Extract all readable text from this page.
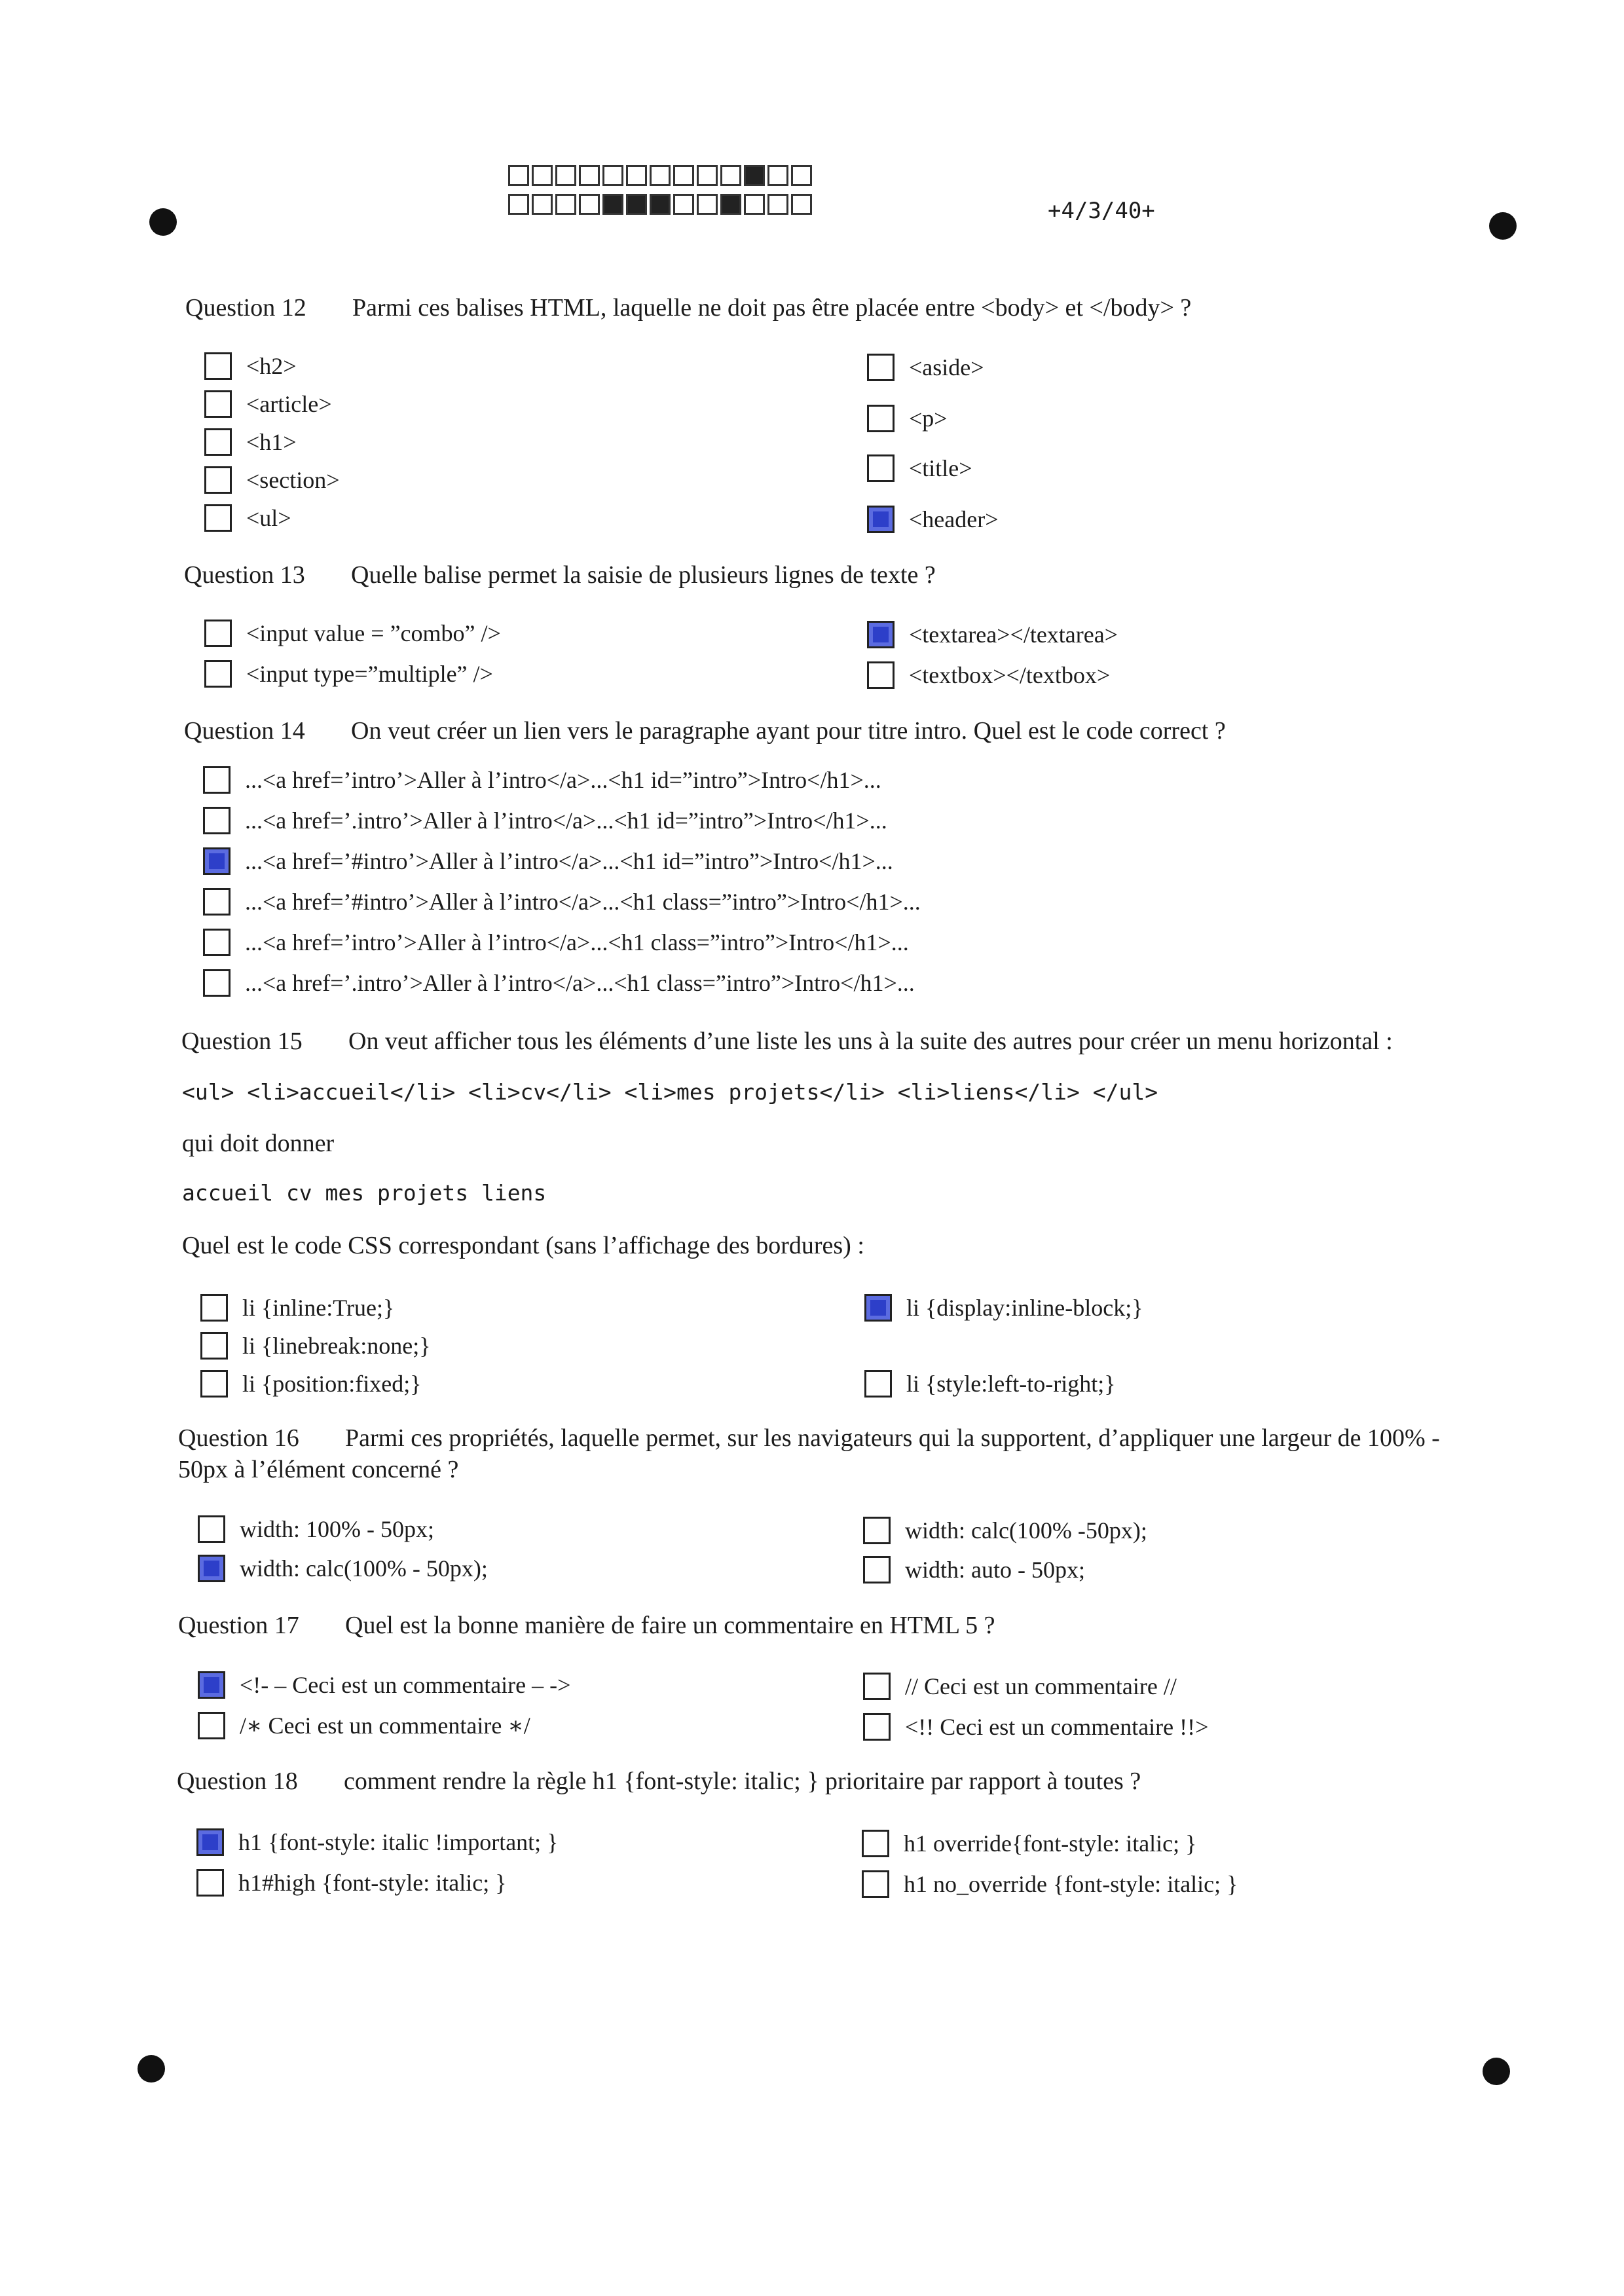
+4/3/40+
Question 12 Parmi ces balises HTML, laquelle ne doit pas être placée entre <body> et </body> ?
<h2>
<article>
<h1>
<section>
<ul>
<aside>
<p>
<title>
<header>
Question 13 Quelle balise permet la saisie de plusieurs lignes de texte ?
<input value = ”combo” />
<input type=”multiple” />
<textarea></textarea>
<textbox></textbox>
Question 14 On veut créer un lien vers le paragraphe ayant pour titre intro. Quel est le code correct ?
...<a href=’intro’>Aller à l’intro</a>...<h1 id=”intro”>Intro</h1>...
...<a href=’.intro’>Aller à l’intro</a>...<h1 id=”intro”>Intro</h1>...
...<a href=’#intro’>Aller à l’intro</a>...<h1 id=”intro”>Intro</h1>...
...<a href=’#intro’>Aller à l’intro</a>...<h1 class=”intro”>Intro</h1>...
...<a href=’intro’>Aller à l’intro</a>...<h1 class=”intro”>Intro</h1>...
...<a href=’.intro’>Aller à l’intro</a>...<h1 class=”intro”>Intro</h1>...
Question 15 On veut afficher tous les éléments d’une liste les uns à la suite des autres pour créer un menu horizontal :
<ul> <li>accueil</li> <li>cv</li> <li>mes projets</li> <li>liens</li> </ul>
qui doit donner
accueil cv mes projets liens
Quel est le code CSS correspondant (sans l’affichage des bordures) :
li {inline:True;}
li {linebreak:none;}
li {position:fixed;}
li {display:inline-block;}
li {style:left-to-right;}
Question 16 Parmi ces propriétés, laquelle permet, sur les navigateurs qui la supportent, d’appliquer une largeur de 100% - 50px à l’élément concerné ?
width: 100% - 50px;
width: calc(100% - 50px);
width: calc(100% -50px);
width: auto - 50px;
Question 17 Quel est la bonne manière de faire un commentaire en HTML 5 ?
<!- – Ceci est un commentaire – ->
/∗ Ceci est un commentaire ∗/
// Ceci est un commentaire //
<!! Ceci est un commentaire !!>
Question 18 comment rendre la règle h1 {font-style: italic; } prioritaire par rapport à toutes ?
h1 {font-style: italic !important; }
h1#high {font-style: italic; }
h1 override{font-style: italic; }
h1 no_override {font-style: italic; }
